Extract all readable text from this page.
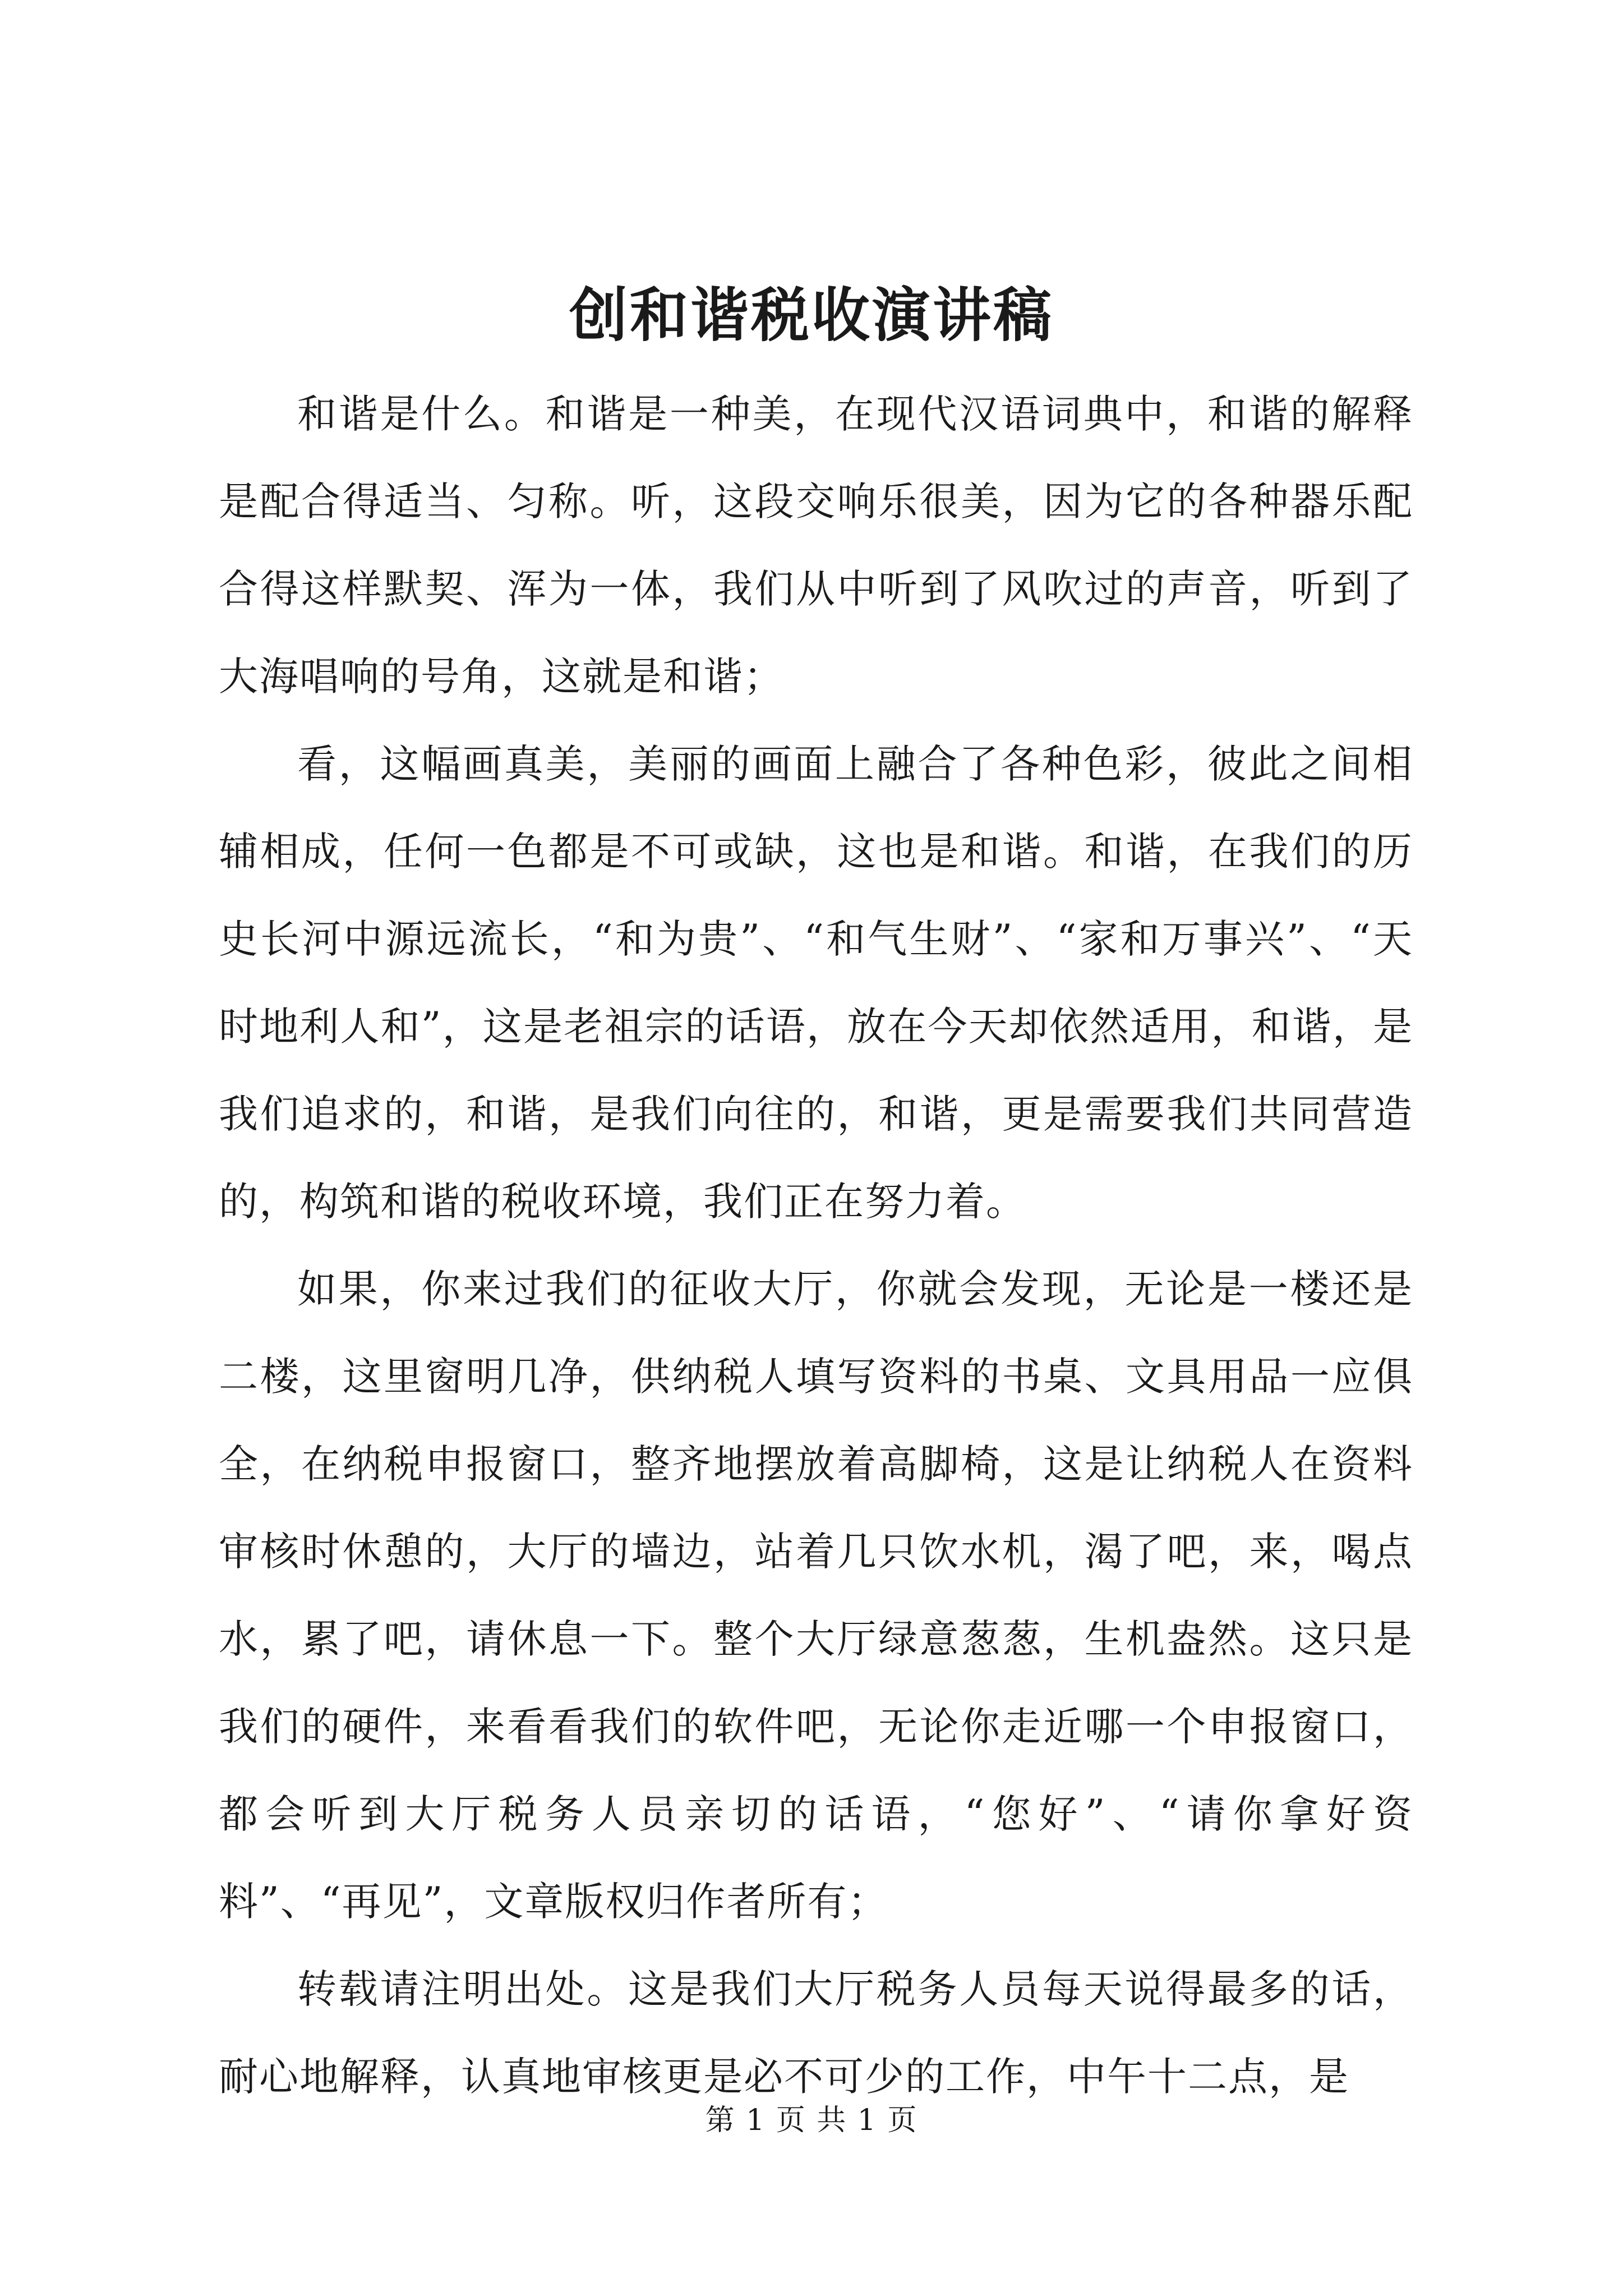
创和谐税收演讲稿

和谐是什么。和谐是一种美，在现代汉语词典中，和谐的解释是配合得适当、匀称。听，这段交响乐很美，因为它的各种器乐配合得这样默契、浑为一体，我们从中听到了风吹过的声音，听到了大海唱响的号角，这就是和谐；

看，这幅画真美，美丽的画面上融合了各种色彩，彼此之间相辅相成，任何一色都是不可或缺，这也是和谐。和谐，在我们的历史长河中源远流长，“和为贵”、“和气生财”、“家和万事兴”、“天时地利人和”，这是老祖宗的话语，放在今天却依然适用，和谐，是我们追求的，和谐，是我们向往的，和谐，更是需要我们共同营造的，构筑和谐的税收环境，我们正在努力着。

如果，你来过我们的征收大厅，你就会发现，无论是一楼还是二楼，这里窗明几净，供纳税人填写资料的书桌、文具用品一应俱全，在纳税申报窗口，整齐地摆放着高脚椅，这是让纳税人在资料审核时休憩的，大厅的墙边，站着几只饮水机，渴了吧，来，喝点水，累了吧，请休息一下。整个大厅绿意葱葱，生机盎然。这只是我们的硬件，来看看我们的软件吧，无论你走近哪一个申报窗口，都会听到大厅税务人员亲切的话语，“您好”、“请你拿好资料”、“再见”，文章版权归作者所有；

转载请注明出处。这是我们大厅税务人员每天说得最多的话，耐心地解释，认真地审核更是必不可少的工作，中午十二点，是

第 1 页 共 1 页
